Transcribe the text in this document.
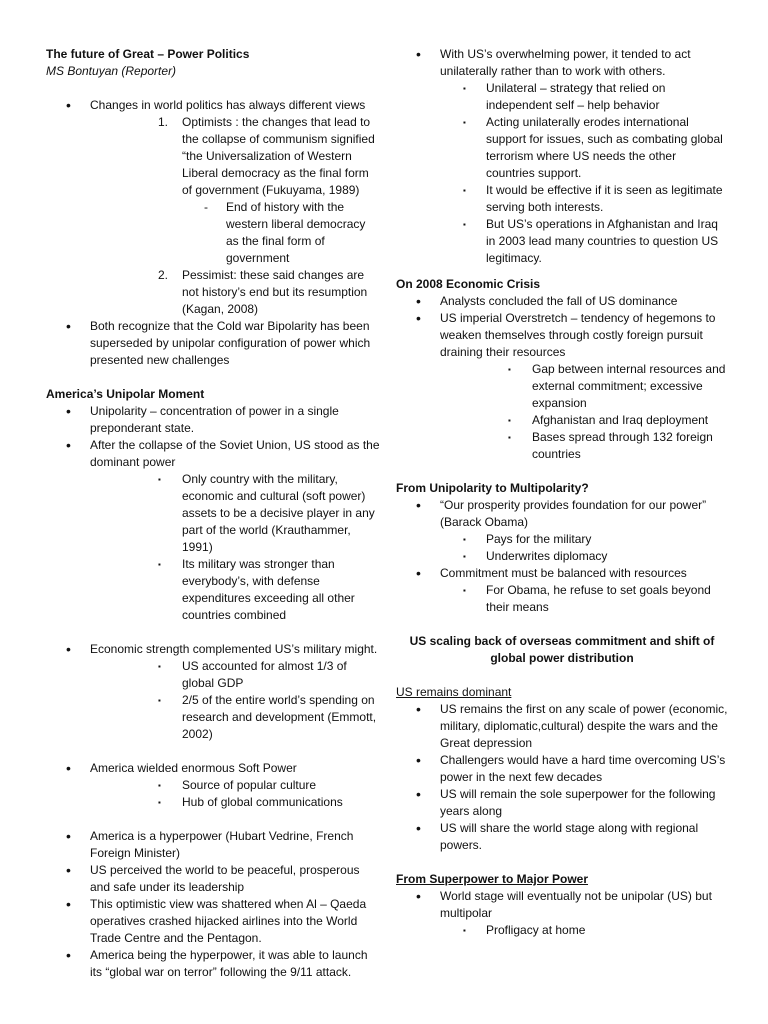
The future of Great – Power Politics
MS Bontuyan (Reporter)
• Changes in world politics has always different views
1. Optimists : the changes that lead to the collapse of communism signified “the Universalization of Western Liberal democracy as the final form of government (Fukuyama, 1989)
- End of history with the western liberal democracy as the final form of government
2. Pessimist: these said changes are not history’s end but its resumption (Kagan, 2008)
• Both recognize that the Cold war Bipolarity has been superseded by unipolar configuration of power which presented new challenges
America’s Unipolar Moment
• Unipolarity – concentration of power in a single preponderant state.
• After the collapse of the Soviet Union, US stood as the dominant power
▪ Only country with the military, economic and cultural (soft power) assets to be a decisive player in any part of the world (Krauthammer, 1991)
▪ Its military was stronger than everybody’s, with defense expenditures exceeding all other countries combined
• Economic strength complemented US’s military might.
▪ US accounted for almost 1/3 of global GDP
▪ 2/5 of the entire world’s spending on research and development (Emmott, 2002)
• America wielded enormous Soft Power
▪ Source of popular culture
▪ Hub of global communications
• America is a hyperpower (Hubart Vedrine, French Foreign Minister)
• US perceived the world to be peaceful, prosperous and safe under its leadership
• This optimistic view was shattered when Al – Qaeda operatives crashed hijacked airlines into the World Trade Centre and the Pentagon.
• America being the hyperpower, it was able to launch its “global war on terror” following the 9/11 attack.
• With US’s overwhelming power, it tended to act unilaterally rather than to work with others.
▪ Unilateral – strategy that relied on independent self – help behavior
▪ Acting unilaterally erodes international support for issues, such as combating global terrorism where US needs the other countries support.
▪ It would be effective if it is seen as legitimate serving both interests.
▪ But US’s operations in Afghanistan and Iraq in 2003 lead many countries to question US legitimacy.
On 2008 Economic Crisis
• Analysts concluded the fall of US dominance
• US imperial Overstretch – tendency of hegemons to weaken themselves through costly foreign pursuit draining their resources
▪ Gap between internal resources and external commitment; excessive expansion
▪ Afghanistan and Iraq deployment
▪ Bases spread through 132 foreign countries
From Unipolarity to Multipolarity?
• “Our prosperity provides foundation for our power” (Barack Obama)
▪ Pays for the military
▪ Underwrites diplomacy
• Commitment must be balanced with resources
▪ For Obama, he refuse to set goals beyond their means
US scaling back of overseas commitment and shift of global power distribution
US remains dominant
• US remains the first on any scale of power (economic, military, diplomatic,cultural) despite the wars and the Great depression
• Challengers would have a hard time overcoming US’s power in the next few decades
• US will remain the sole superpower for the following years along
• US will share the world stage along with regional powers.
From Superpower to Major Power
• World stage will eventually not be unipolar (US) but multipolar
▪ Profligacy at home
